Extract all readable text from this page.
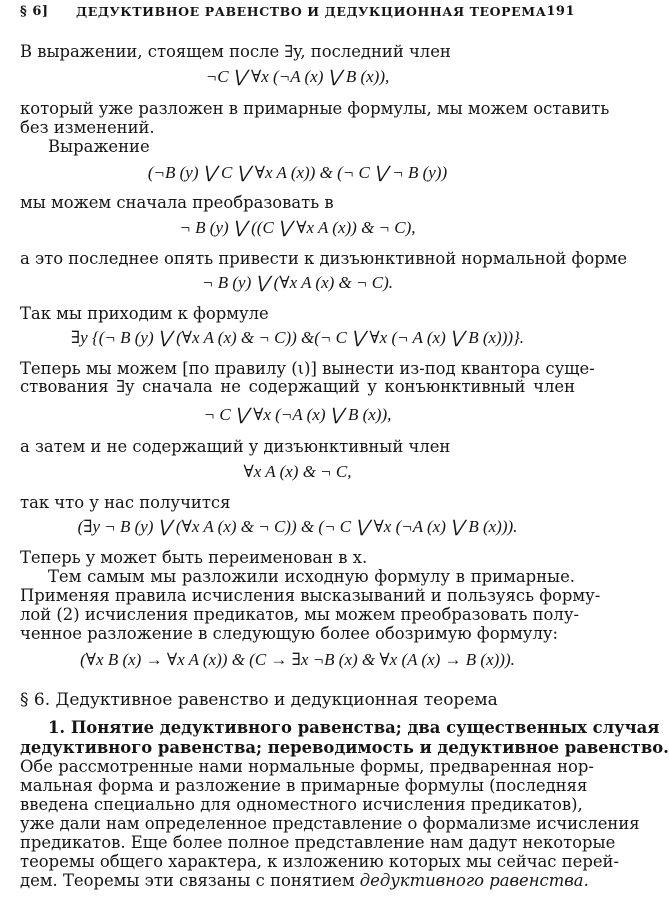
§ 6] ДЕДУКТИВНОЕ РАВЕНСТВО И ДЕДУКЦИОННАЯ ТЕОРЕМА 191
В выражении, стоящем после ∃y, последний член
¬C ⋁ ∀x (¬A (x) ⋁ B (x)),
который уже разложен в примарные формулы, мы можем оставить
без изменений.
Выражение
(¬B (y) ⋁ C ⋁ ∀x A (x)) & (¬ C ⋁ ¬ B (y))
мы можем сначала преобразовать в
¬ B (y) ⋁ ((C ⋁ ∀x A (x)) & ¬ C),
а это последнее опять привести к дизъюнктивной нормальной форме
¬ B (y) ⋁ (∀x A (x) & ¬ C).
Так мы приходим к формуле
∃y {(¬ B (y) ⋁ (∀x A (x) & ¬ C)) &(¬ C ⋁ ∀x (¬ A (x) ⋁ B (x)))}.
Теперь мы можем [по правилу (ι)] вынести из-под квантора суще-
ствования ∃y сначала не содержащий y конъюнктивный член
¬ C ⋁ ∀x (¬A (x) ⋁ B (x)),
а затем и не содержащий y дизъюнктивный член
∀x A (x) & ¬ C,
так что у нас получится
(∃y ¬ B (y) ⋁ (∀x A (x) & ¬ C)) & (¬ C ⋁ ∀x (¬A (x) ⋁ B (x))).
Теперь y может быть переименован в x.
Тем самым мы разложили исходную формулу в примарные.
Применяя правила исчисления высказываний и пользуясь форму-
лой (2) исчисления предикатов, мы можем преобразовать полу-
ченное разложение в следующую более обозримую формулу:
(∀x B (x) → ∀x A (x)) & (C → ∃x ¬B (x) & ∀x (A (x) → B (x))).
§ 6. Дедуктивное равенство и дедукционная теорема
1. Понятие дедуктивного равенства; два существенных случая
дедуктивного равенства; переводимость и дедуктивное равенство.
Обе рассмотренные нами нормальные формы, предваренная нор-
мальная форма и разложение в примарные формулы (последняя
введена специально для одноместного исчисления предикатов),
уже дали нам определенное представление о формализме исчисления
предикатов. Еще более полное представление нам дадут некоторые
теоремы общего характера, к изложению которых мы сейчас перей-
дем. Теоремы эти связаны с понятием дедуктивного равенства.
